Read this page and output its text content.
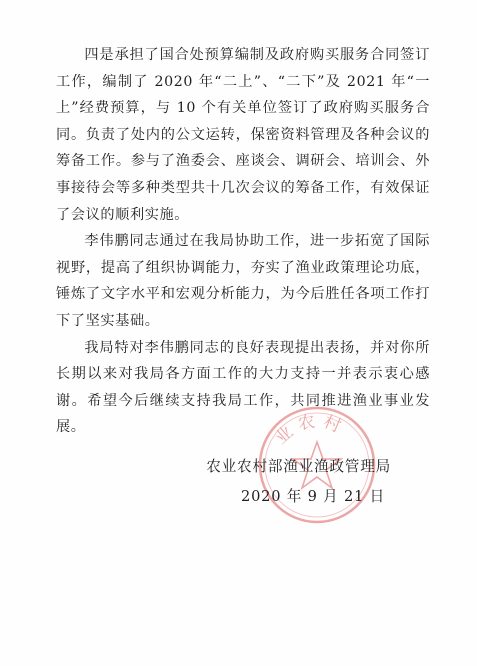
四是承担了国合处预算编制及政府购买服务合同签订工作，编制了 2020 年“二上”、“二下”及 2021 年“一上”经费预算，与 10 个有关单位签订了政府购买服务合同。负责了处内的公文运转，保密资料管理及各种会议的筹备工作。参与了渔委会、座谈会、调研会、培训会、外事接待会等多种类型共十几次会议的筹备工作，有效保证了会议的顺利实施。

李伟鹏同志通过在我局协助工作，进一步拓宽了国际视野，提高了组织协调能力，夯实了渔业政策理论功底，锤炼了文字水平和宏观分析能力，为今后胜任各项工作打下了坚实基础。

我局特对李伟鹏同志的良好表现提出表扬，并对你所长期以来对我局各方面工作的大力支持一并表示衷心感谢。希望今后继续支持我局工作，共同推进渔业事业发展。	业农村
农业农村部渔业渔政管理局
2020 年 9 月 21 日
